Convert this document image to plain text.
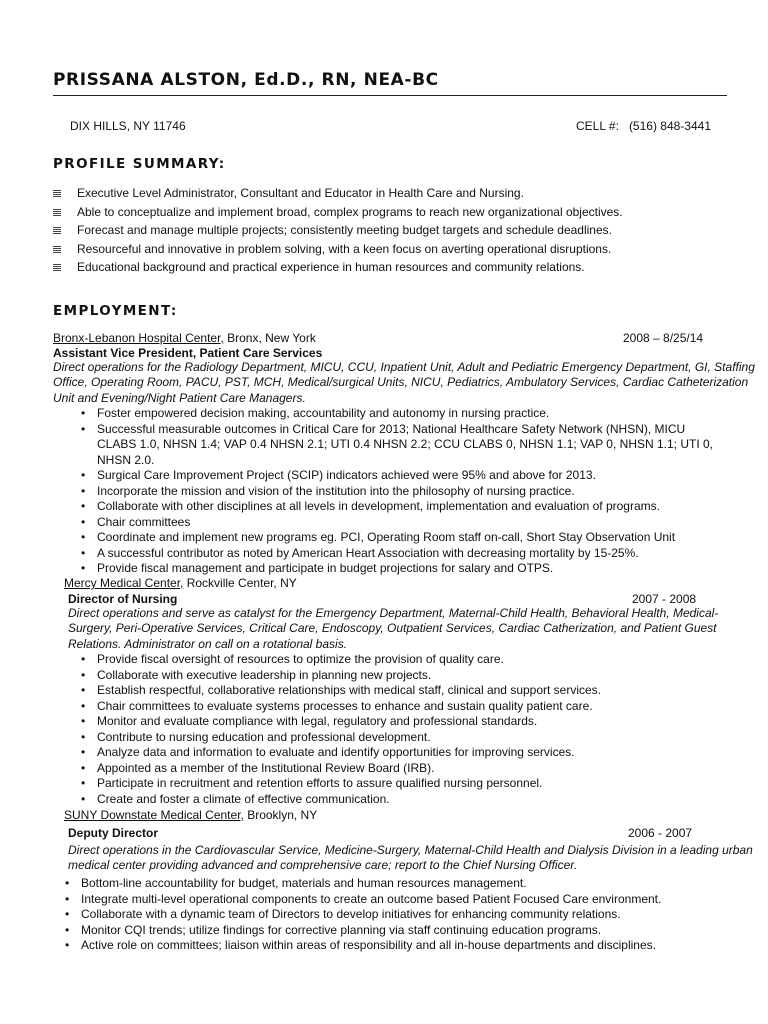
PRISSANA ALSTON, Ed.D., RN, NEA-BC
DIX HILLS, NY 11746	CELL #: (516) 848-3441
PROFILE SUMMARY:
Executive Level Administrator, Consultant and Educator in Health Care and Nursing.
Able to conceptualize and implement broad, complex programs to reach new organizational objectives.
Forecast and manage multiple projects; consistently meeting budget targets and schedule deadlines.
Resourceful and innovative in problem solving, with a keen focus on averting operational disruptions.
Educational background and practical experience in human resources and community relations.
EMPLOYMENT:
Bronx-Lebanon Hospital Center, Bronx, New York	2008 – 8/25/14
Assistant Vice President, Patient Care Services

Direct operations for the Radiology Department, MICU, CCU, Inpatient Unit, Adult and Pediatric Emergency Department, GI, Staffing Office, Operating Room, PACU, PST, MCH, Medical/surgical Units, NICU, Pediatrics, Ambulatory Services, Cardiac Catheterization Unit and Evening/Night Patient Care Managers.

• Foster empowered decision making, accountability and autonomy in nursing practice.
• Successful measurable outcomes in Critical Care for 2013; National Healthcare Safety Network (NHSN), MICU CLABS 1.0, NHSN 1.4; VAP 0.4 NHSN 2.1; UTI 0.4 NHSN 2.2; CCU CLABS 0, NHSN 1.1; VAP 0, NHSN 1.1; UTI 0, NHSN 2.0.
• Surgical Care Improvement Project (SCIP) indicators achieved were 95% and above for 2013.
• Incorporate the mission and vision of the institution into the philosophy of nursing practice.
• Collaborate with other disciplines at all levels in development, implementation and evaluation of programs.
• Chair committees
• Coordinate and implement new programs eg. PCI, Operating Room staff on-call, Short Stay Observation Unit
• A successful contributor as noted by American Heart Association with decreasing mortality by 15-25%.
• Provide fiscal management and participate in budget projections for salary and OTPS.
Mercy Medical Center, Rockville Center, NY
2007 - 2008
Director of Nursing

Direct operations and serve as catalyst for the Emergency Department, Maternal-Child Health, Behavioral Health, Medical-Surgery, Peri-Operative Services, Critical Care, Endoscopy, Outpatient Services, Cardiac Catherization, and Patient Guest Relations. Administrator on call on a rotational basis.

• Provide fiscal oversight of resources to optimize the provision of quality care.
• Collaborate with executive leadership in planning new projects.
• Establish respectful, collaborative relationships with medical staff, clinical and support services.
• Chair committees to evaluate systems processes to enhance and sustain quality patient care.
• Monitor and evaluate compliance with legal, regulatory and professional standards.
• Contribute to nursing education and professional development.
• Analyze data and information to evaluate and identify opportunities for improving services.
• Appointed as a member of the Institutional Review Board (IRB).
• Participate in recruitment and retention efforts to assure qualified nursing personnel.
• Create and foster a climate of effective communication.
SUNY Downstate Medical Center, Brooklyn, NY
2006 - 2007
Deputy Director

Direct operations in the Cardiovascular Service, Medicine-Surgery, Maternal-Child Health and Dialysis Division in a leading urban medical center providing advanced and comprehensive care; report to the Chief Nursing Officer.

• Bottom-line accountability for budget, materials and human resources management.
• Integrate multi-level operational components to create an outcome based Patient Focused Care environment.
• Collaborate with a dynamic team of Directors to develop initiatives for enhancing community relations.
• Monitor CQI trends; utilize findings for corrective planning via staff continuing education programs.
• Active role on committees; liaison within areas of responsibility and all in-house departments and disciplines.
